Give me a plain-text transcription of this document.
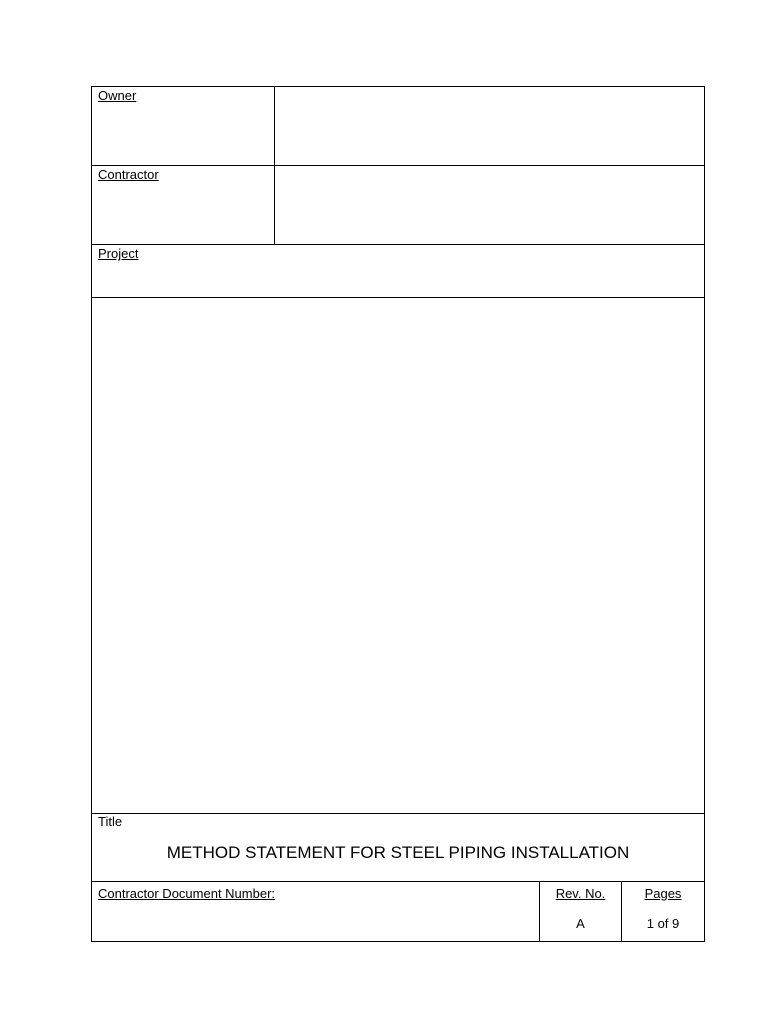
Owner
Contractor
Project
Title
METHOD STATEMENT FOR STEEL PIPING INSTALLATION
Contractor Document Number:	Rev. No.
A
Pages
1 of 9
